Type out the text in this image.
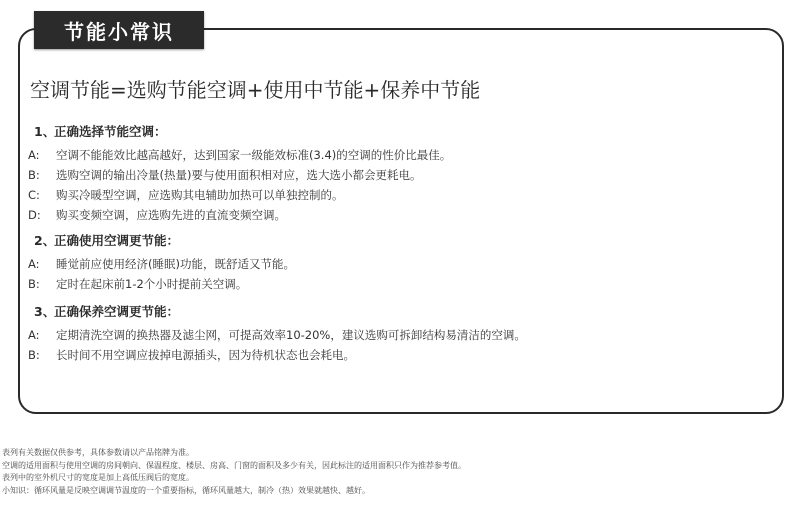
节能小常识
空调节能=选购节能空调+使用中节能+保养中节能
1、正确选择节能空调：
A: 空调不能能效比越高越好，达到国家一级能效标准(3.4)的空调的性价比最佳。
B: 选购空调的输出冷量(热量)要与使用面积相对应，选大选小都会更耗电。
C: 购买冷暖型空调，应选购其电辅助加热可以单独控制的。
D: 购买变频空调，应选购先进的直流变频空调。
2、正确使用空调更节能：
A: 睡觉前应使用经济(睡眠)功能，既舒适又节能。
B: 定时在起床前1-2个小时提前关空调。
3、正确保养空调更节能：
A: 定期清洗空调的换热器及滤尘网，可提高效率10-20%，建议选购可拆卸结构易清洁的空调。
B: 长时间不用空调应拔掉电源插头，因为待机状态也会耗电。
表列有关数据仅供参考，具体参数请以产品铭牌为准。
空调的适用面积与使用空调的房间朝向、保温程度、楼层、房高、门窗的面积及多少有关，因此标注的适用面积只作为推荐参考值。
表列中的室外机尺寸的宽度是加上高低压阀后的宽度。
小知识：循环风量是反映空调调节温度的一个重要指标，循环风量越大，制冷（热）效果就越快、越好。
